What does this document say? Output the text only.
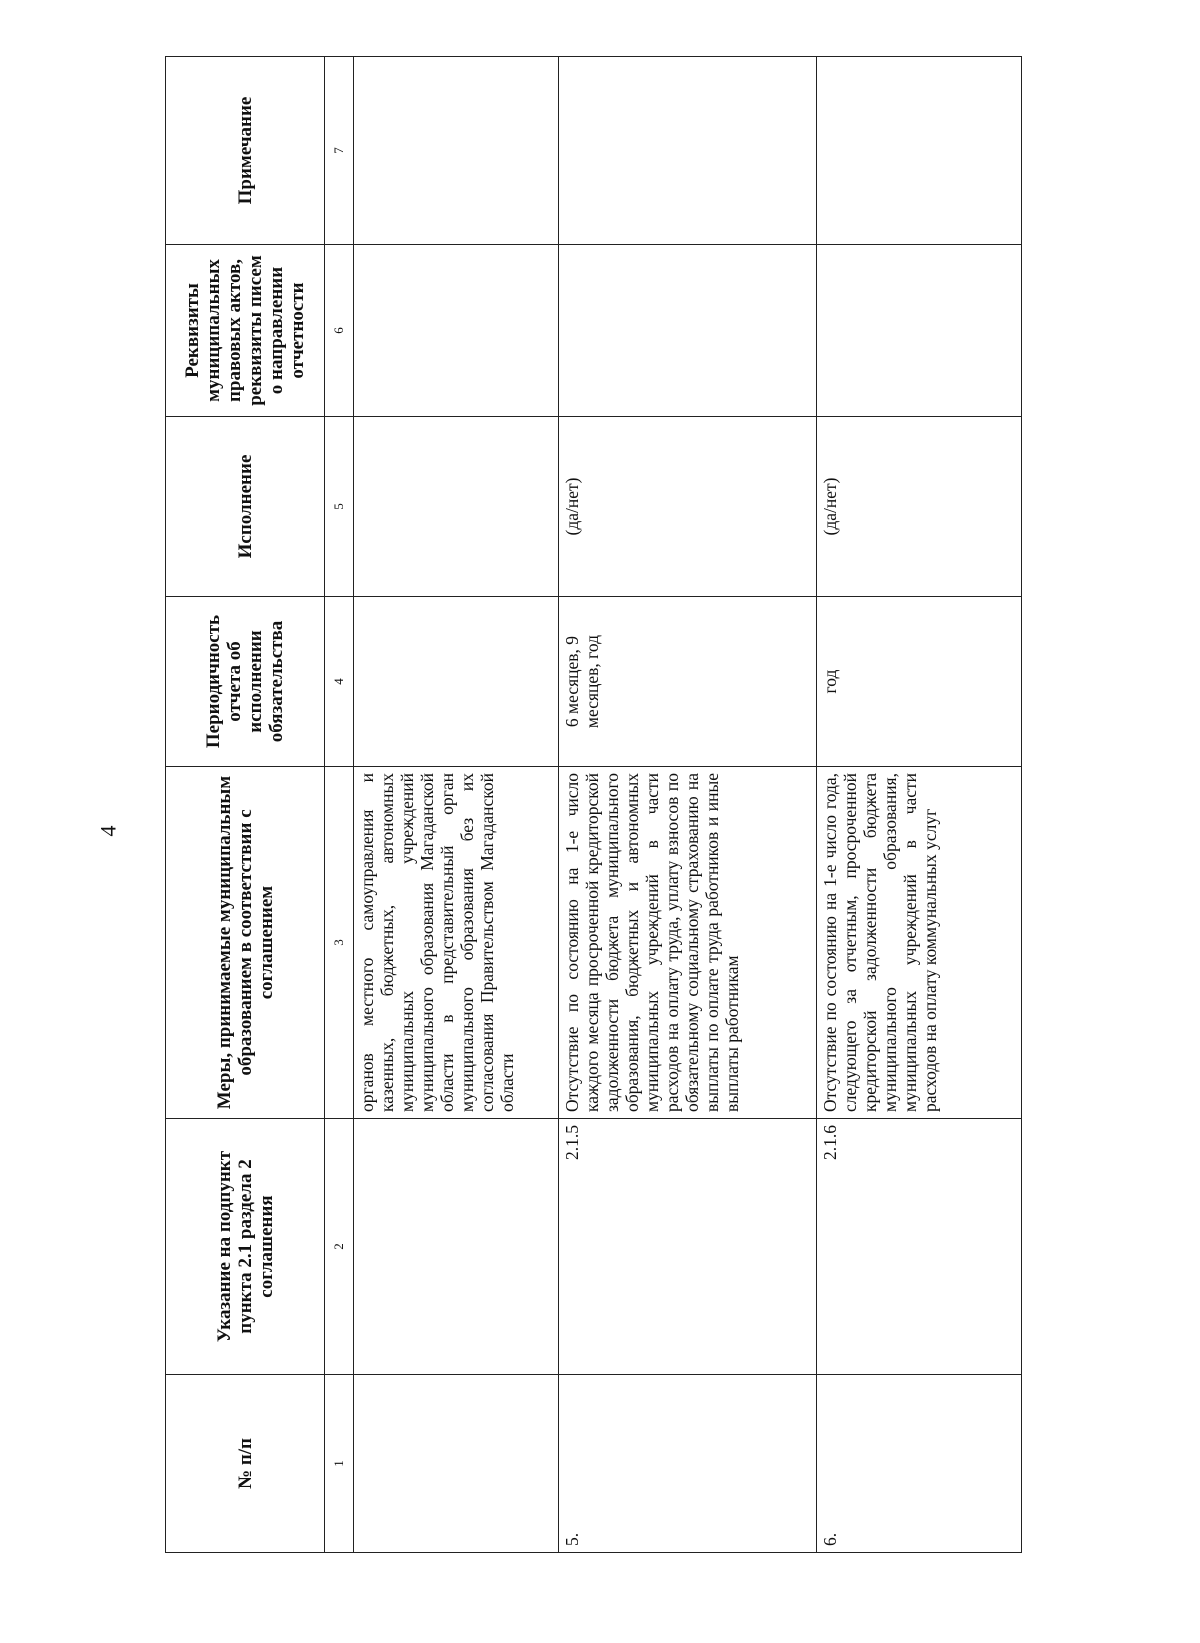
4
№ п/п	Указание на подпункт пункта 2.1 раздела 2 соглашения	Меры, принимаемые муниципальным образованием в соответствии с соглашением	Периодичность отчета об исполнении обязательства	Исполнение	Реквизиты муниципальных правовых актов, реквизиты писем о направлении отчетности	Примечание
1	2	3	4	5	6	7
		органов местного самоуправления и казенных, бюджетных, автономных муниципальных учреждений муниципального образования Магаданской области в представительный орган муниципального образования без их согласования Правительством Магаданской области				
5.	2.1.5	Отсутствие по состоянию на 1-е число каждого месяца просроченной кредиторской задолженности бюджета муниципального образования, бюджетных и автономных муниципальных учреждений в части расходов на оплату труда, уплату взносов по обязательному социальному страхованию на выплаты по оплате труда работников и иные выплаты работникам	6 месяцев, 9 месяцев, год	(да/нет)		
6.	2.1.6	Отсутствие по состоянию на 1-е число года, следующего за отчетным, просроченной кредиторской задолженности бюджета муниципального образования, муниципальных учреждений в части расходов на оплату коммунальных услуг	год	(да/нет)		
